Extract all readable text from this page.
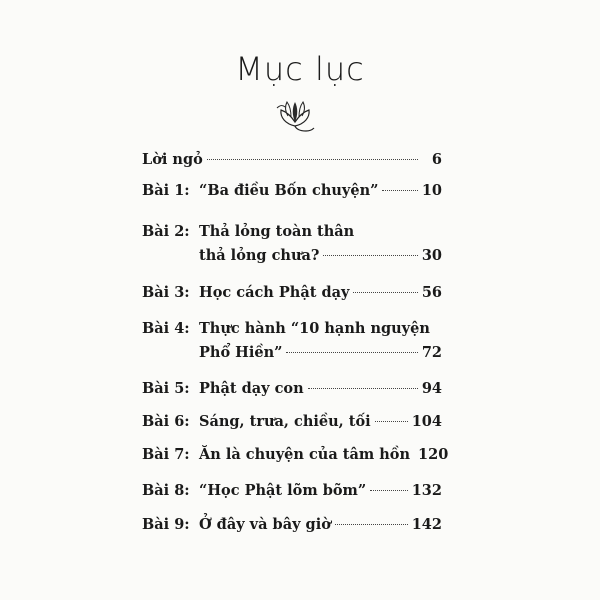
Mục lục
Lời ngỏ	6
Bài 1: “Ba điều Bốn chuyện”	10
Bài 2: Thả lỏng toàn thân
thả lỏng chưa?	30
Bài 3: Học cách Phật dạy	56
Bài 4: Thực hành “10 hạnh nguyện
Phổ Hiền”	72
Bài 5: Phật dạy con	94
Bài 6: Sáng, trưa, chiều, tối	104
Bài 7: Ăn là chuyện của tâm hồn 120
Bài 8: “Học Phật lõm bõm”	132
Bài 9: Ở đây và bây giờ	142
